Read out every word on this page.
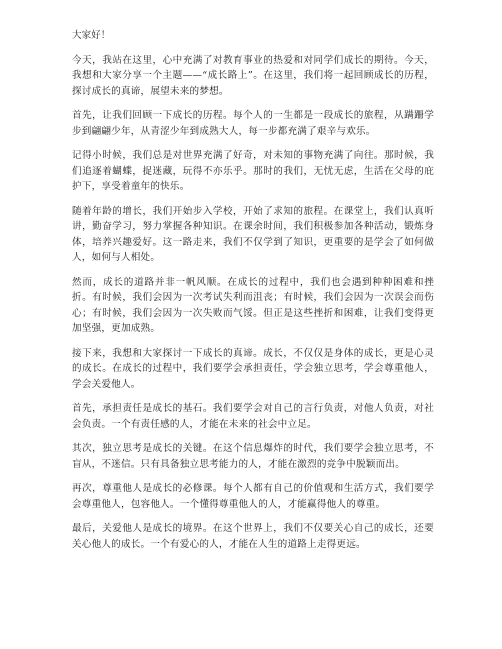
大家好！

今天，我站在这里，心中充满了对教育事业的热爱和对同学们成长的期待。今天，我想和大家分享一个主题——“成长路上”。在这里，我们将一起回顾成长的历程，探讨成长的真谛，展望未来的梦想。

首先，让我们回顾一下成长的历程。每个人的一生都是一段成长的旅程，从蹒跚学步到翩翩少年，从青涩少年到成熟大人，每一步都充满了艰辛与欢乐。

记得小时候，我们总是对世界充满了好奇，对未知的事物充满了向往。那时候，我们追逐着蝴蝶，捉迷藏，玩得不亦乐乎。那时的我们，无忧无虑，生活在父母的庇护下，享受着童年的快乐。

随着年龄的增长，我们开始步入学校，开始了求知的旅程。在课堂上，我们认真听讲，勤奋学习，努力掌握各种知识。在课余时间，我们积极参加各种活动，锻炼身体，培养兴趣爱好。这一路走来，我们不仅学到了知识，更重要的是学会了如何做人，如何与人相处。

然而，成长的道路并非一帆风顺。在成长的过程中，我们也会遇到种种困难和挫折。有时候，我们会因为一次考试失利而沮丧；有时候，我们会因为一次误会而伤心；有时候，我们会因为一次失败而气馁。但正是这些挫折和困难，让我们变得更加坚强，更加成熟。

接下来，我想和大家探讨一下成长的真谛。成长，不仅仅是身体的成长，更是心灵的成长。在成长的过程中，我们要学会承担责任，学会独立思考，学会尊重他人，学会关爱他人。

首先，承担责任是成长的基石。我们要学会对自己的言行负责，对他人负责，对社会负责。一个有责任感的人，才能在未来的社会中立足。

其次，独立思考是成长的关键。在这个信息爆炸的时代，我们要学会独立思考，不盲从，不迷信。只有具备独立思考能力的人，才能在激烈的竞争中脱颖而出。

再次，尊重他人是成长的必修课。每个人都有自己的价值观和生活方式，我们要学会尊重他人，包容他人。一个懂得尊重他人的人，才能赢得他人的尊重。

最后，关爱他人是成长的境界。在这个世界上，我们不仅要关心自己的成长，还要关心他人的成长。一个有爱心的人，才能在人生的道路上走得更远。
